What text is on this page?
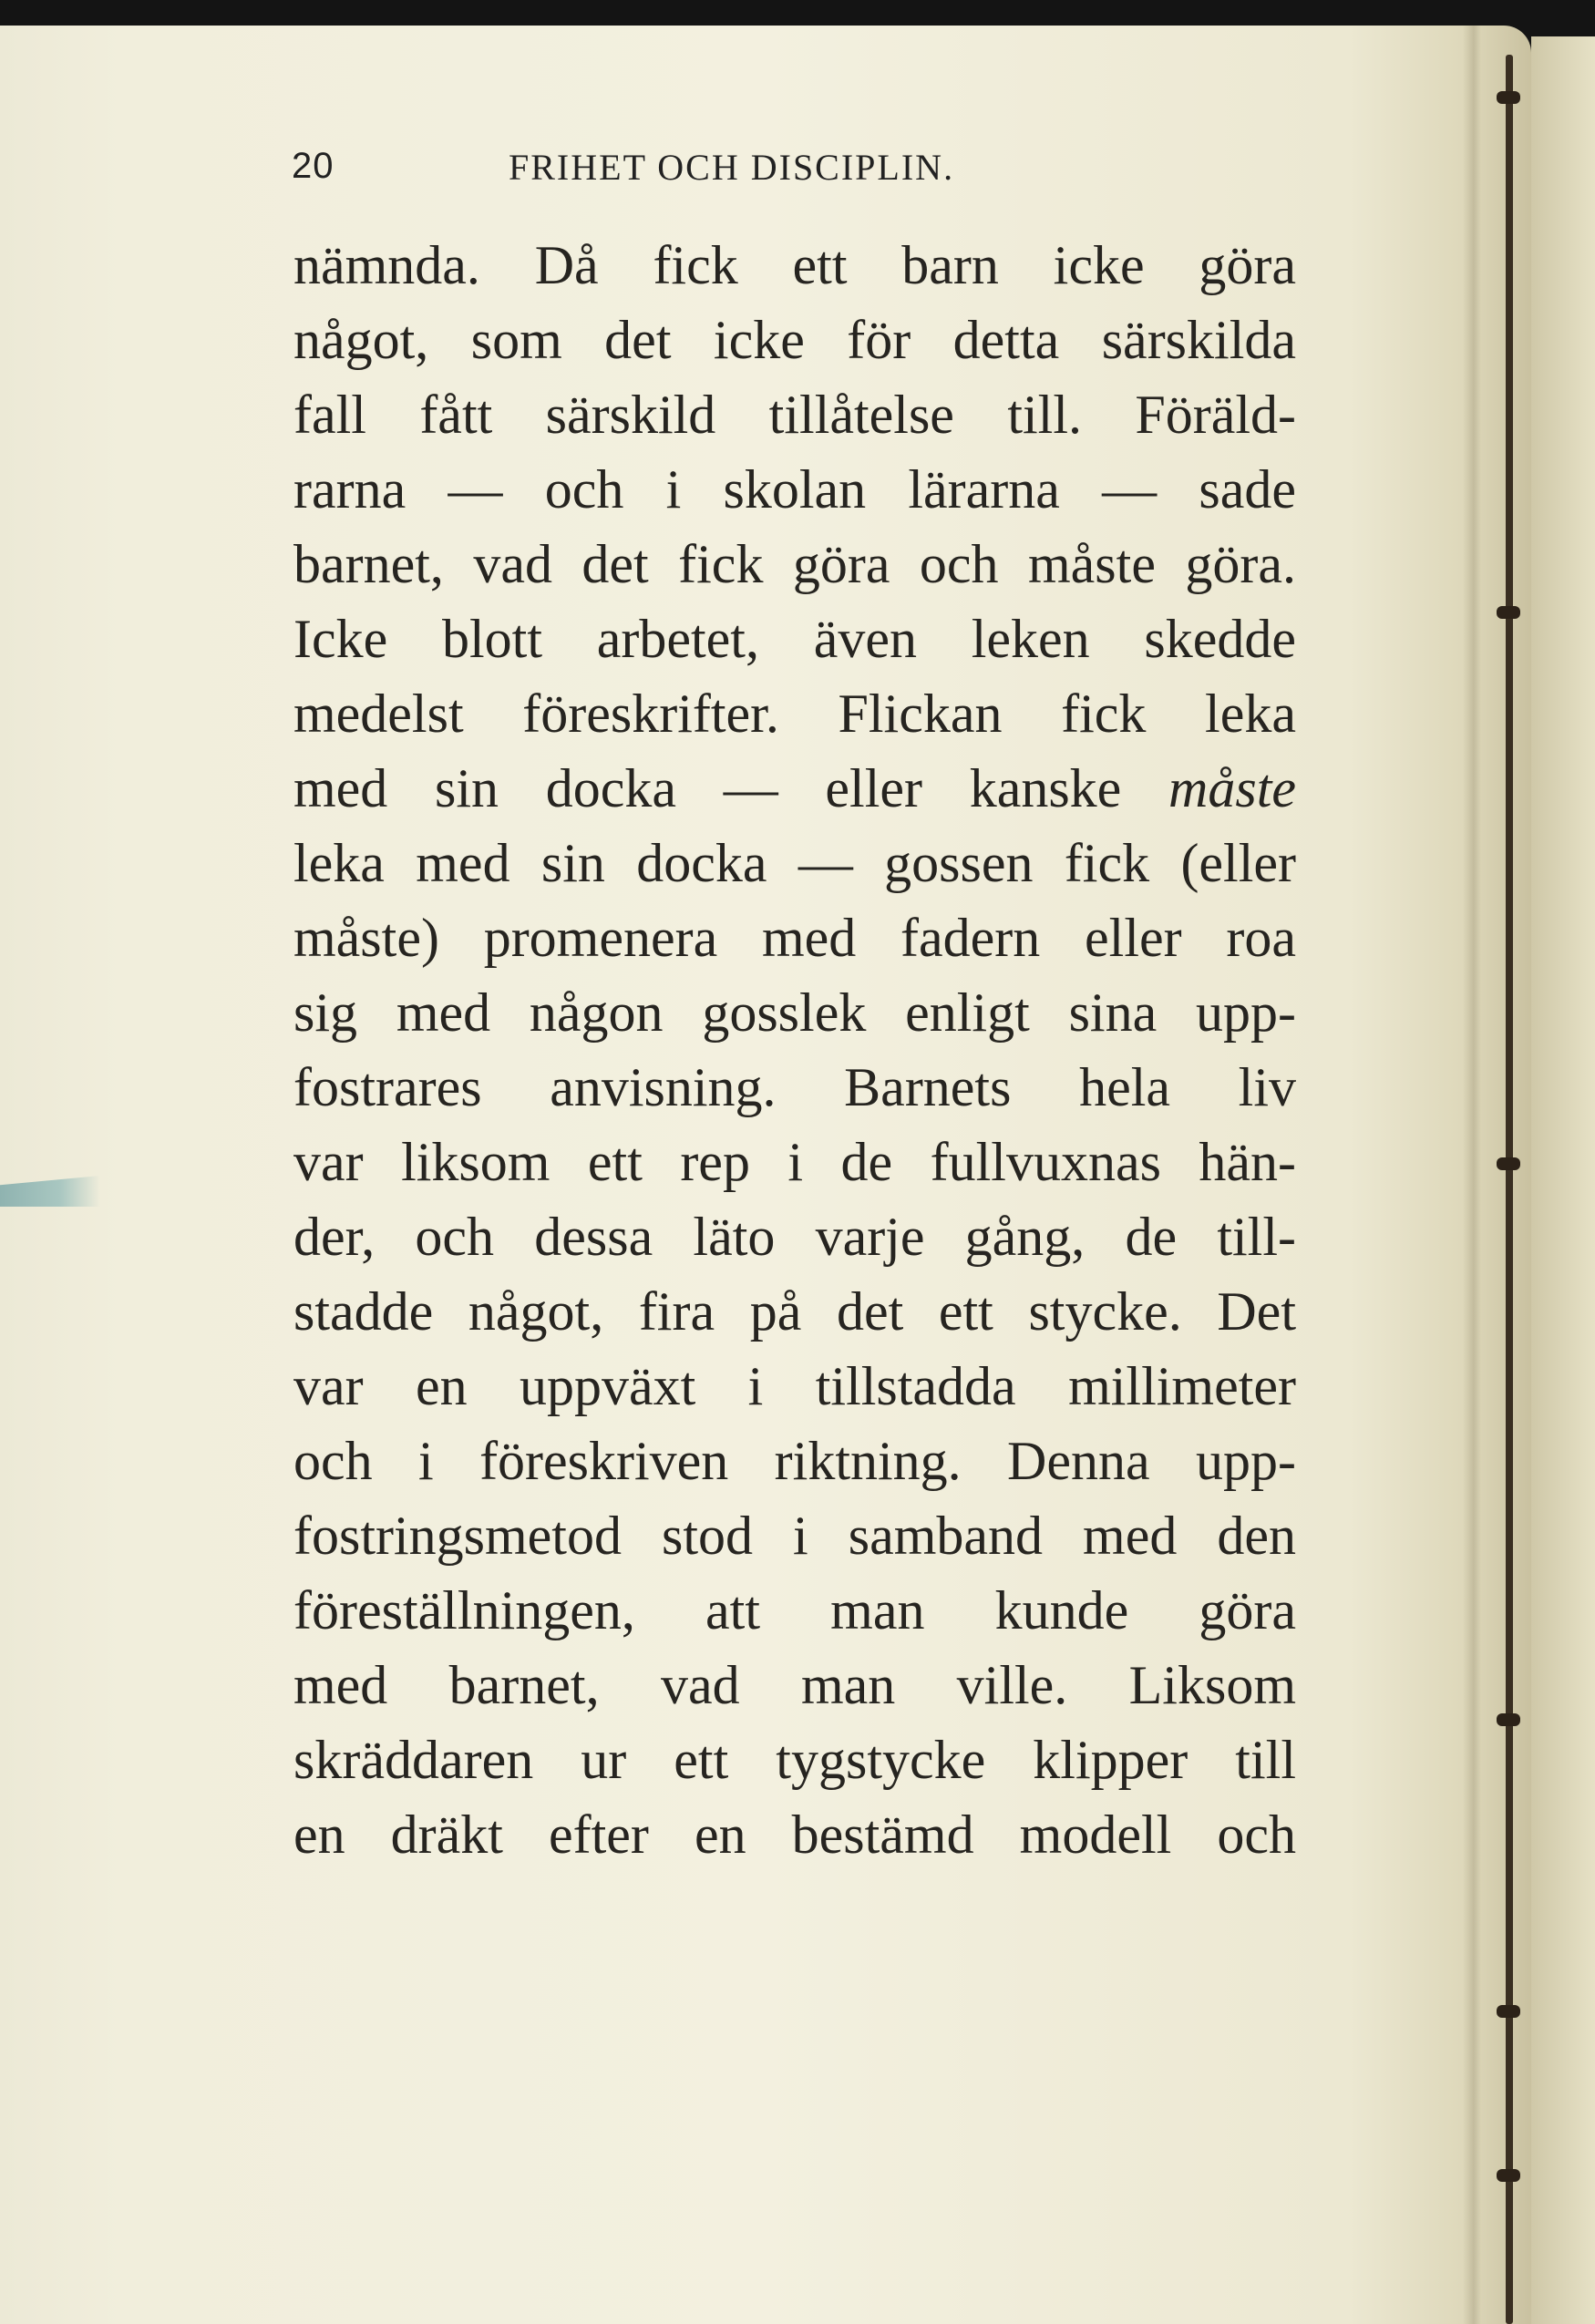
20	FRIHET OCH DISCIPLIN.
nämnda. Då fick ett barn icke göra
något, som det icke för detta särskilda
fall fått särskild tillåtelse till. Föräld-
rarna — och i skolan lärarna — sade
barnet, vad det fick göra och måste göra.
Icke blott arbetet, även leken skedde
medelst föreskrifter. Flickan fick leka
med sin docka — eller kanske måste
leka med sin docka — gossen fick (eller
måste) promenera med fadern eller roa
sig med någon gosslek enligt sina upp-
fostrares anvisning. Barnets hela liv
var liksom ett rep i de fullvuxnas hän-
der, och dessa läto varje gång, de till-
stadde något, fira på det ett stycke. Det
var en uppväxt i tillstadda millimeter
och i föreskriven riktning. Denna upp-
fostringsmetod stod i samband med den
föreställningen, att man kunde göra
med barnet, vad man ville. Liksom
skräddaren ur ett tygstycke klipper till
en dräkt efter en bestämd modell och
